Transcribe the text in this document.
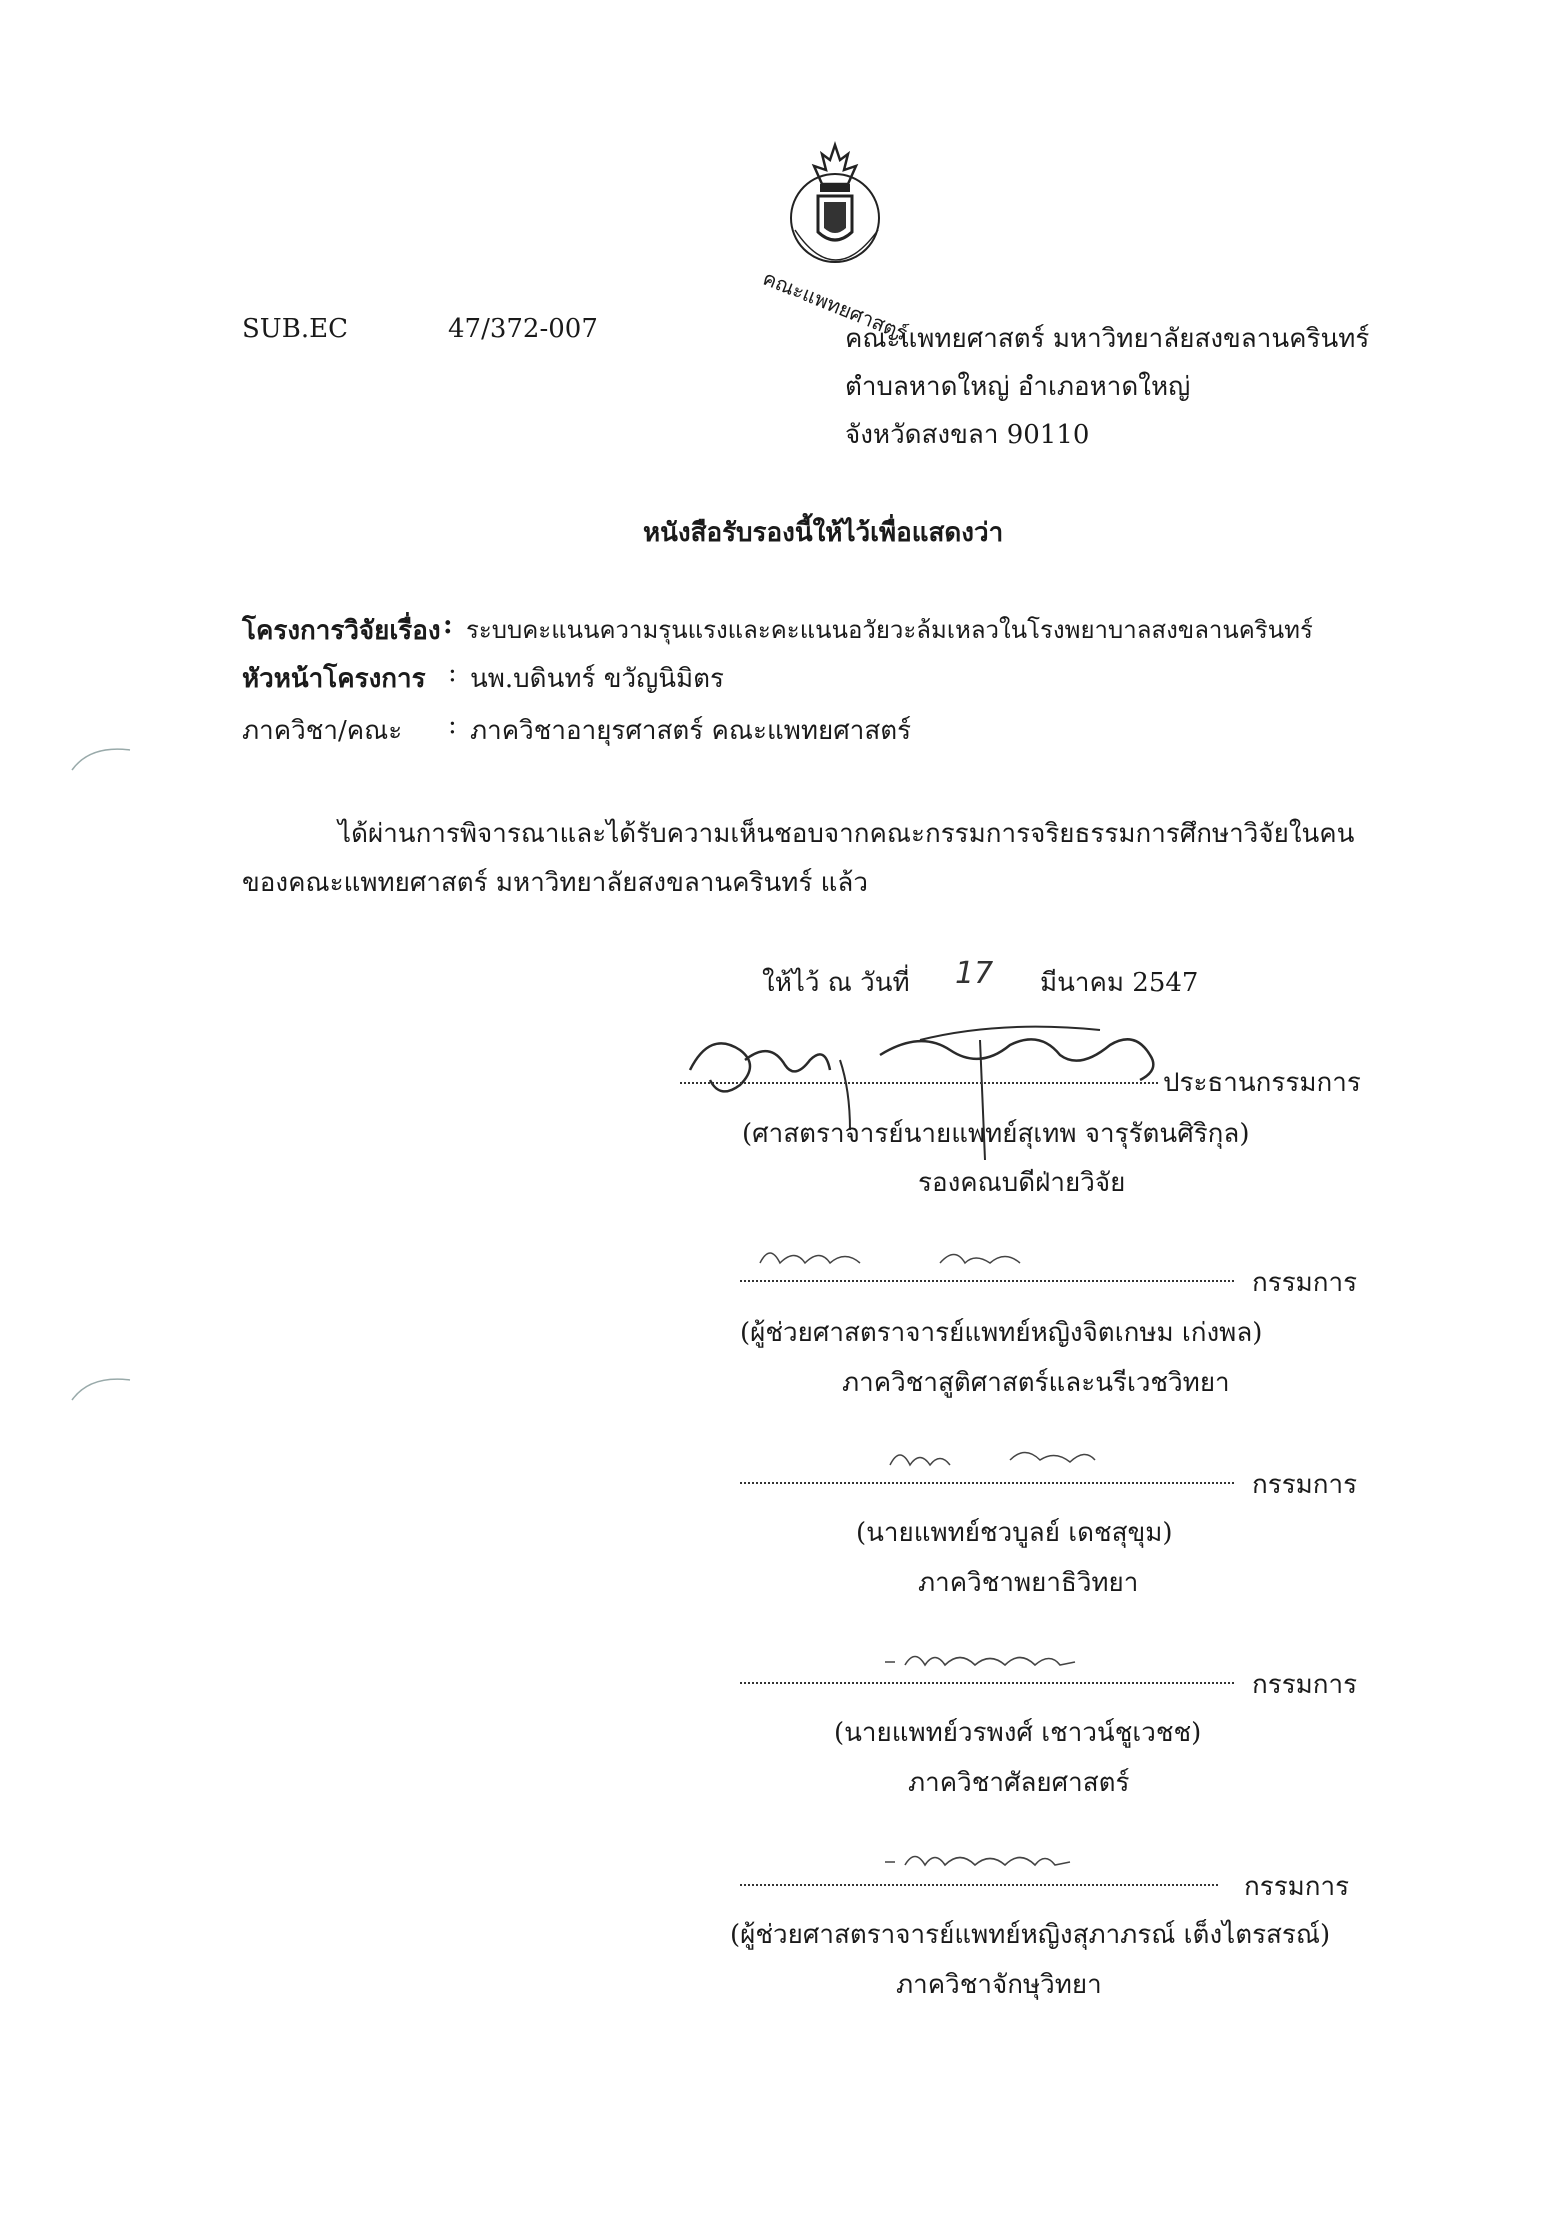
คณะแพทยศาสตร์
SUB.EC	47/372-007	คณะแพทยศาสตร์ มหาวิทยาลัยสงขลานครินทร์
ตำบลหาดใหญ่ อำเภอหาดใหญ่
จังหวัดสงขลา 90110
หนังสือรับรองนี้ให้ไว้เพื่อแสดงว่า
โครงการวิจัยเรื่อง : ระบบคะแนนความรุนแรงและคะแนนอวัยวะล้มเหลวในโรงพยาบาลสงขลานครินทร์
หัวหน้าโครงการ : นพ.บดินทร์ ขวัญนิมิตร
ภาควิชา/คณะ : ภาควิชาอายุรศาสตร์ คณะแพทยศาสตร์
ได้ผ่านการพิจารณาและได้รับความเห็นชอบจากคณะกรรมการจริยธรรมการศึกษาวิจัยในคน
ของคณะแพทยศาสตร์ มหาวิทยาลัยสงขลานครินทร์ แล้ว
ให้ไว้ ณ วันที่ 17 มีนาคม 2547
ประธานกรรมการ
(ศาสตราจารย์นายแพทย์สุเทพ จารุรัตนศิริกุล)
รองคณบดีฝ่ายวิจัย
กรรมการ
(ผู้ช่วยศาสตราจารย์แพทย์หญิงจิตเกษม เก่งพล)
ภาควิชาสูติศาสตร์และนรีเวชวิทยา
กรรมการ
(นายแพทย์ชวบูลย์ เดชสุขุม)
ภาควิชาพยาธิวิทยา
กรรมการ
(นายแพทย์วรพงศ์ เชาวน์ชูเวชช)
ภาควิชาศัลยศาสตร์
กรรมการ
(ผู้ช่วยศาสตราจารย์แพทย์หญิงสุภาภรณ์ เต็งไตรสรณ์)
ภาควิชาจักษุวิทยา
